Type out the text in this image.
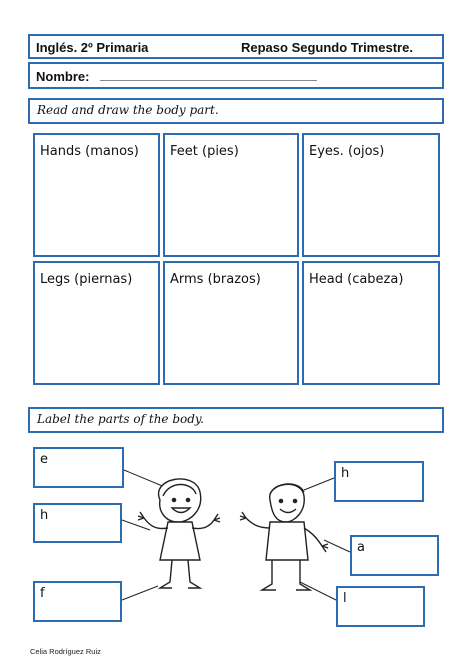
Inglés. 2º Primaria	Repaso Segundo Trimestre.
Nombre: ______________________________
Read and draw the body part.
Hands (manos) Feet (pies)	Eyes. (ojos)
Legs (piernas)	Arms (brazos)	Head (cabeza)
Label the parts of the body.
e
h
f
h
a
l
Celia Rodríguez Ruiz
